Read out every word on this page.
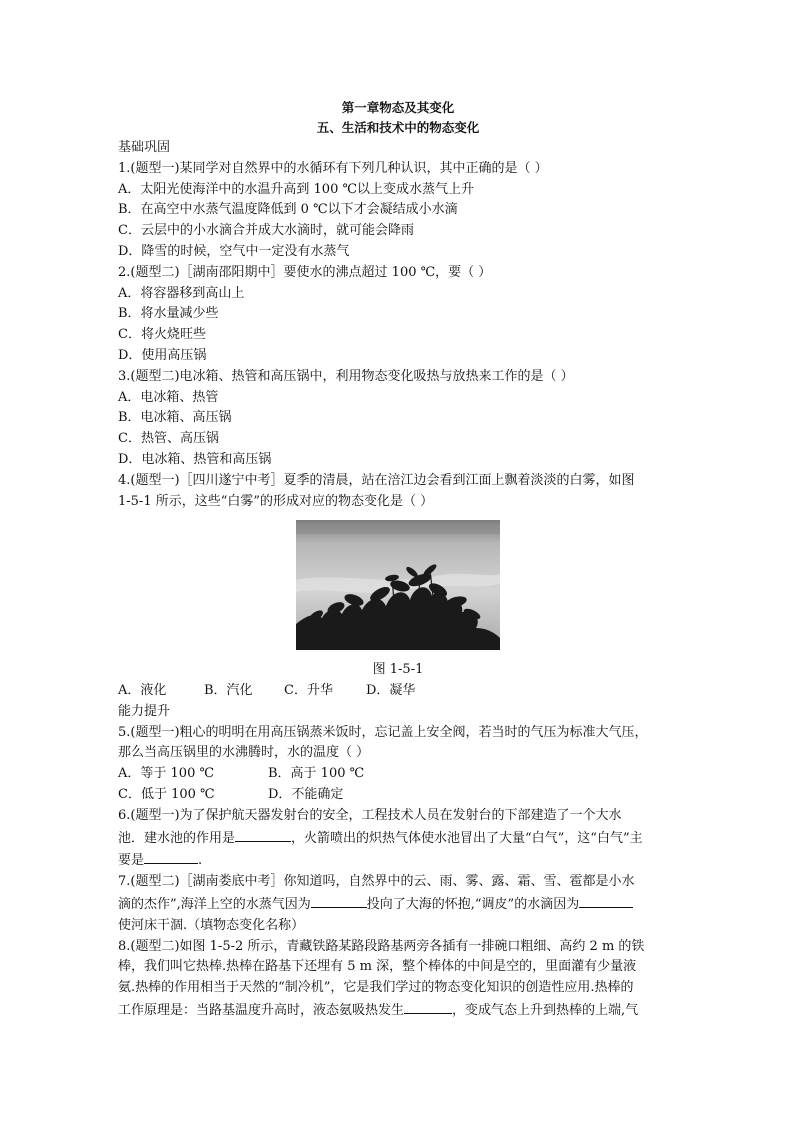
第一章物态及其变化
五、生活和技术中的物态变化
基础巩固
1.(题型一)某同学对自然界中的水循环有下列几种认识，其中正确的是（ ）
A．太阳光使海洋中的水温升高到 100 ℃以上变成水蒸气上升
B．在高空中水蒸气温度降低到 0 ℃以下才会凝结成小水滴
C．云层中的小水滴合并成大水滴时，就可能会降雨
D．降雪的时候，空气中一定没有水蒸气
2.(题型二)［湖南邵阳期中］要使水的沸点超过 100 ℃，要（ ）
A．将容器移到高山上
B．将水量减少些
C．将火烧旺些
D．使用高压锅
3.(题型二)电冰箱、热管和高压锅中，利用物态变化吸热与放热来工作的是（ ）
A．电冰箱、热管
B．电冰箱、高压锅
C．热管、高压锅
D．电冰箱、热管和高压锅
4.(题型一)［四川遂宁中考］夏季的清晨，站在涪江边会看到江面上飘着淡淡的白雾，如图
1-5-1 所示，这些“白雾”的形成对应的物态变化是（ ）
图 1-5-1
A．液化	B．汽化 C．升华	D．凝华
能力提升
5.(题型一)粗心的明明在用高压锅蒸米饭时，忘记盖上安全阀，若当时的气压为标准大气压，
那么当高压锅里的水沸腾时，水的温度（ ）
A．等于 100 ℃	B．高于 100 ℃
C．低于 100 ℃	D．不能确定
6.(题型一)为了保护航天器发射台的安全，工程技术人员在发射台的下部建造了一个大水
池．建水池的作用是	，火箭喷出的炽热气体使水池冒出了大量“白气”，这“白气”主
要是	.
7.(题型二)［湖南娄底中考］你知道吗，自然界中的云、雨、雾、露、霜、雪、雹都是小水
滴的杰作”,海洋上空的水蒸气因为	投向了大海的怀抱,“调皮”的水滴因为
使河床干涸.（填物态变化名称）
8.(题型二)如图 1-5-2 所示，青藏铁路某路段路基两旁各插有一排碗口粗细、高约 2 m 的铁
棒，我们叫它热棒.热棒在路基下还埋有 5 m 深，整个棒体的中间是空的，里面灌有少量液
氨.热棒的作用相当于天然的“制冷机”，它是我们学过的物态变化知识的创造性应用.热棒的
工作原理是：当路基温度升高时，液态氨吸热发生	，变成气态上升到热棒的上端,气
